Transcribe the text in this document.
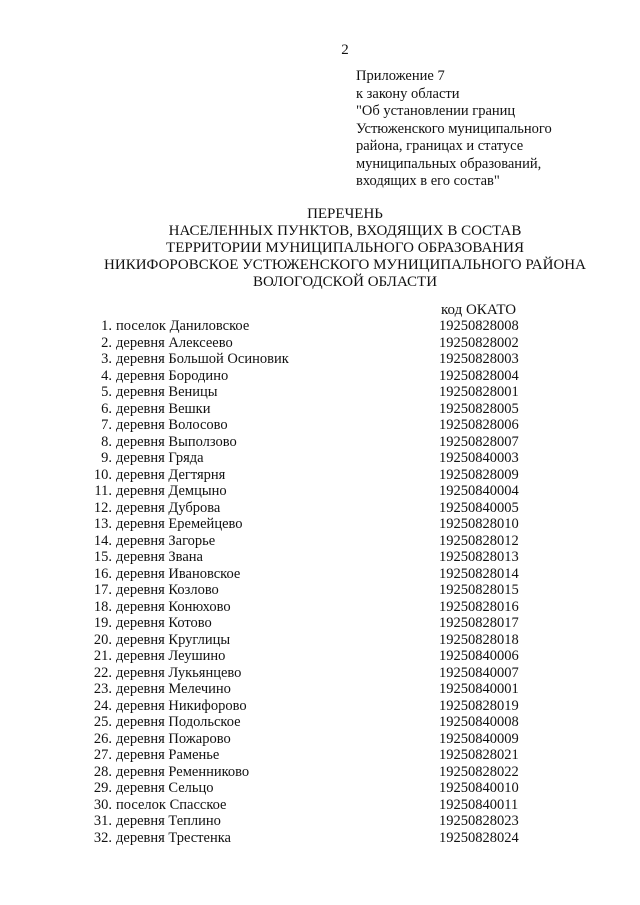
2
Приложение 7
к закону области
"Об установлении границ
Устюженского муниципального
района, границах и статусе
муниципальных образований,
входящих в его состав"
ПЕРЕЧЕНЬ
НАСЕЛЕННЫХ ПУНКТОВ, ВХОДЯЩИХ В СОСТАВ
ТЕРРИТОРИИ МУНИЦИПАЛЬНОГО ОБРАЗОВАНИЯ
НИКИФОРОВСКОЕ УСТЮЖЕНСКОГО МУНИЦИПАЛЬНОГО РАЙОНА
ВОЛОГОДСКОЙ ОБЛАСТИ
код ОКАТО
1. поселок Даниловское	19250828008
2. деревня Алексеево	19250828002
3. деревня Большой Осиновик	19250828003
4. деревня Бородино	19250828004
5. деревня Веницы	19250828001
6. деревня Вешки	19250828005
7. деревня Волосово	19250828006
8. деревня Выползово	19250828007
9. деревня Гряда	19250840003
10. деревня Дегтярня	19250828009
11. деревня Демцыно	19250840004
12. деревня Дуброва	19250840005
13. деревня Еремейцево	19250828010
14. деревня Загорье	19250828012
15. деревня Звана	19250828013
16. деревня Ивановское	19250828014
17. деревня Козлово	19250828015
18. деревня Конюхово	19250828016
19. деревня Котово	19250828017
20. деревня Круглицы	19250828018
21. деревня Леушино	19250840006
22. деревня Лукьянцево	19250840007
23. деревня Мелечино	19250840001
24. деревня Никифорово	19250828019
25. деревня Подольское	19250840008
26. деревня Пожарово	19250840009
27. деревня Раменье	19250828021
28. деревня Ременниково	19250828022
29. деревня Сельцо	19250840010
30. поселок Спасское	19250840011
31. деревня Теплино	19250828023
32. деревня Трестенка	19250828024
